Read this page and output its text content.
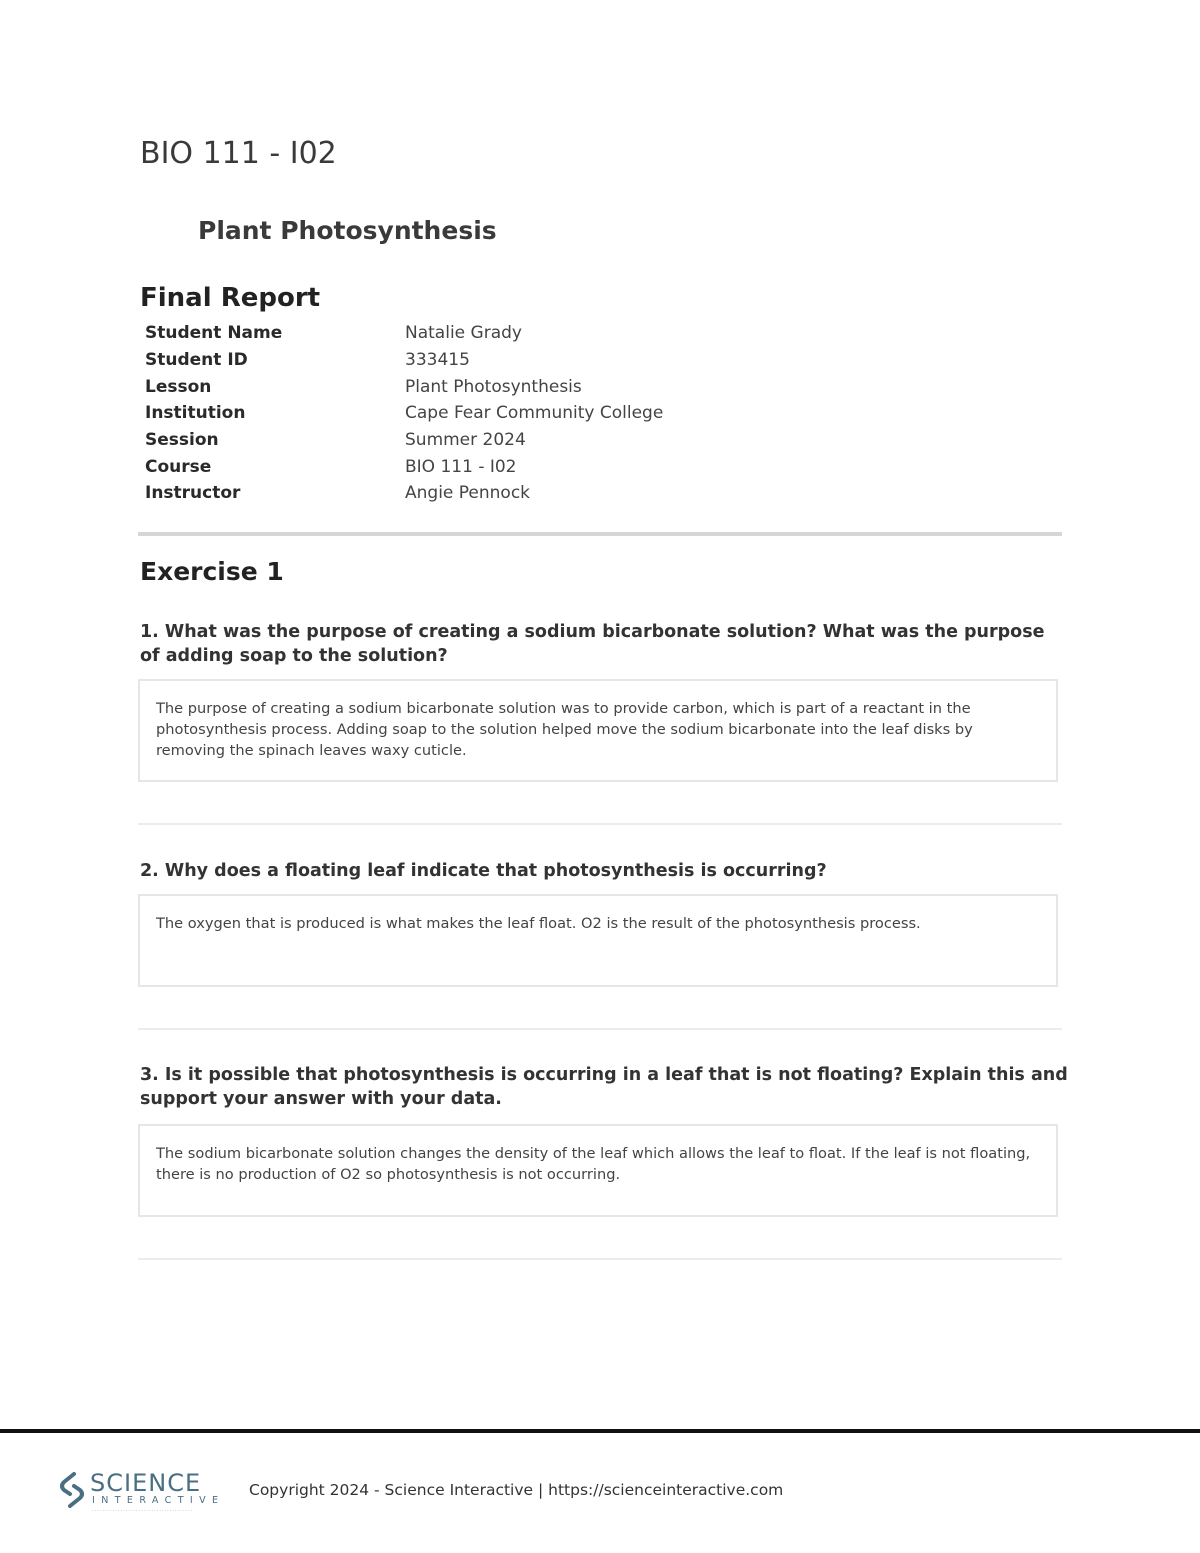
BIO 111 - I02
Plant Photosynthesis
Final Report
Student Name	Natalie Grady
Student ID	333415
Lesson	Plant Photosynthesis
Institution	Cape Fear Community College
Session	Summer 2024
Course	BIO 111 - I02
Instructor	Angie Pennock
Exercise 1

1. What was the purpose of creating a sodium bicarbonate solution? What was the purpose of adding soap to the solution?

The purpose of creating a sodium bicarbonate solution was to provide carbon, which is part of a reactant in the photosynthesis process. Adding soap to the solution helped move the sodium bicarbonate into the leaf disks by removing the spinach leaves waxy cuticle.

2. Why does a floating leaf indicate that photosynthesis is occurring?

The oxygen that is produced is what makes the leaf float. O2 is the result of the photosynthesis process.

3. Is it possible that photosynthesis is occurring in a leaf that is not floating? Explain this and support your answer with your data.

The sodium bicarbonate solution changes the density of the leaf which allows the leaf to float. If the leaf is not floating, there is no production of O2 so photosynthesis is not occurring.
SCIENCE
INTERACTIVE
·······································
Copyright 2024 - Science Interactive | https://scienceinteractive.com
